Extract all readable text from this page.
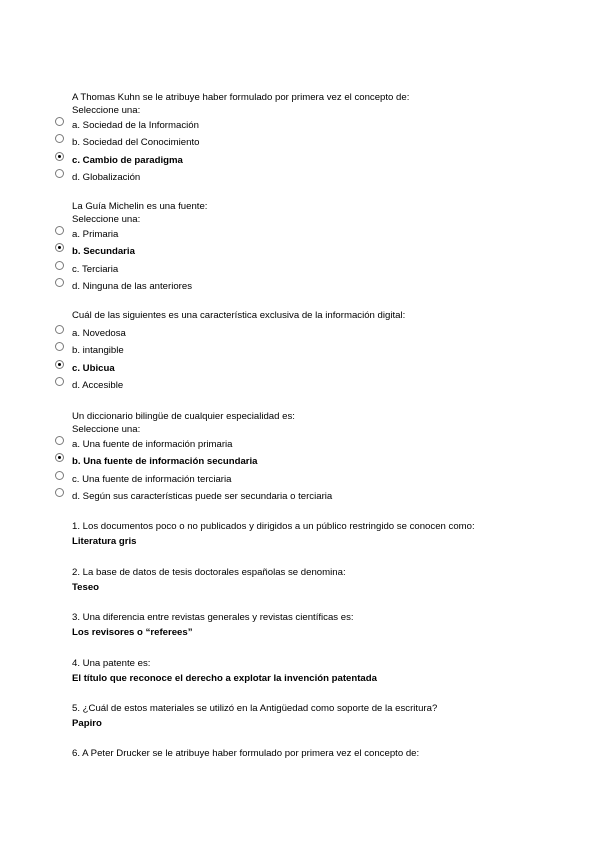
A Thomas Kuhn se le atribuye haber formulado por primera vez el concepto de:
Seleccione una:
a. Sociedad de la Información
b. Sociedad del Conocimiento
c. Cambio de paradigma
d. Globalización
La Guía Michelin es una fuente:
Seleccione una:
a. Primaria
b. Secundaria
c. Terciaria
d. Ninguna de las anteriores
Cuál de las siguientes es una característica exclusiva de la información digital:
a. Novedosa
b. intangible
c. Ubicua
d. Accesible
Un diccionario bilingüe de cualquier especialidad es:
Seleccione una:
a. Una fuente de información primaria
b. Una fuente de información secundaria
c. Una fuente de información terciaria
d. Según sus características puede ser secundaria o terciaria
1. Los documentos poco o no publicados y dirigidos a un público restringido se conocen como:
Literatura gris
2. La base de datos de tesis doctorales españolas se denomina:
Teseo
3. Una diferencia entre revistas generales y revistas científicas es:
Los revisores o “referees”
4. Una patente es:
El título que reconoce el derecho a explotar la invención patentada
5. ¿Cuál de estos materiales se utilizó en la Antigüedad como soporte de la escritura?
Papiro
6. A Peter Drucker se le atribuye haber formulado por primera vez el concepto de:
